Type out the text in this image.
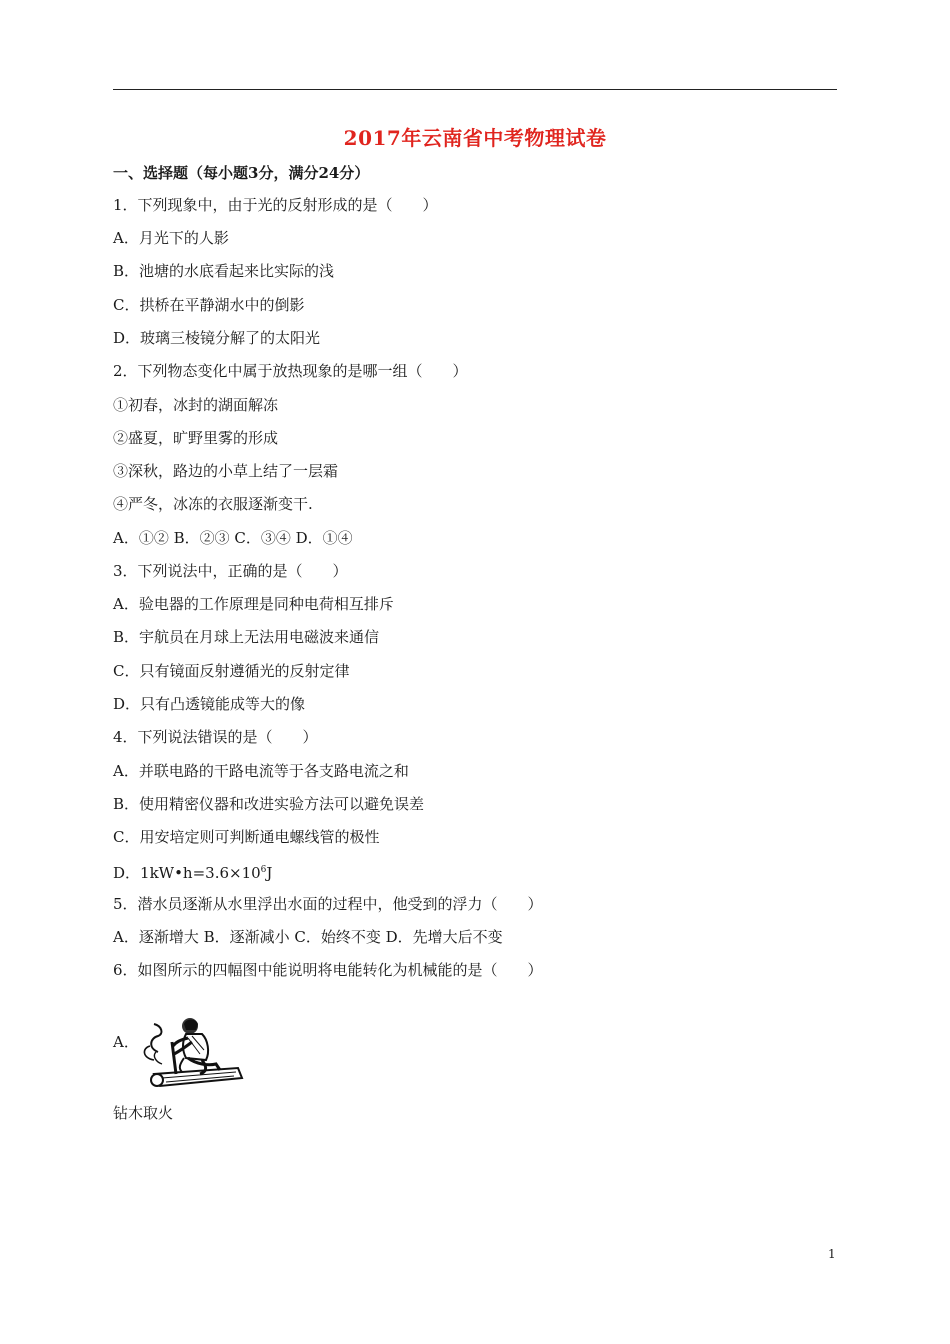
2017年云南省中考物理试卷
一、选择题（每小题3分，满分24分）
1．下列现象中，由于光的反射形成的是（　　）
A．月光下的人影
B．池塘的水底看起来比实际的浅
C．拱桥在平静湖水中的倒影
D．玻璃三棱镜分解了的太阳光
2．下列物态变化中属于放热现象的是哪一组（　　）
①初春，冰封的湖面解冻
②盛夏，旷野里雾的形成
③深秋，路边的小草上结了一层霜
④严冬，冰冻的衣服逐渐变干.
A．①② B．②③ C．③④ D．①④
3．下列说法中，正确的是（　　）
A．验电器的工作原理是同种电荷相互排斥
B．宇航员在月球上无法用电磁波来通信
C．只有镜面反射遵循光的反射定律
D．只有凸透镜能成等大的像
4．下列说法错误的是（　　）
A．并联电路的干路电流等于各支路电流之和
B．使用精密仪器和改进实验方法可以避免误差
C．用安培定则可判断通电螺线管的极性
D．$1kW•h=3.6\times 10^6J$
5．潜水员逐渐从水里浮出水面的过程中，他受到的浮力（　　）
A．逐渐增大 B．逐渐减小 C．始终不变 D．先增大后不变
6．如图所示的四幅图中能说明将电能转化为机械能的是（　　）
A．
钻木取火
1
